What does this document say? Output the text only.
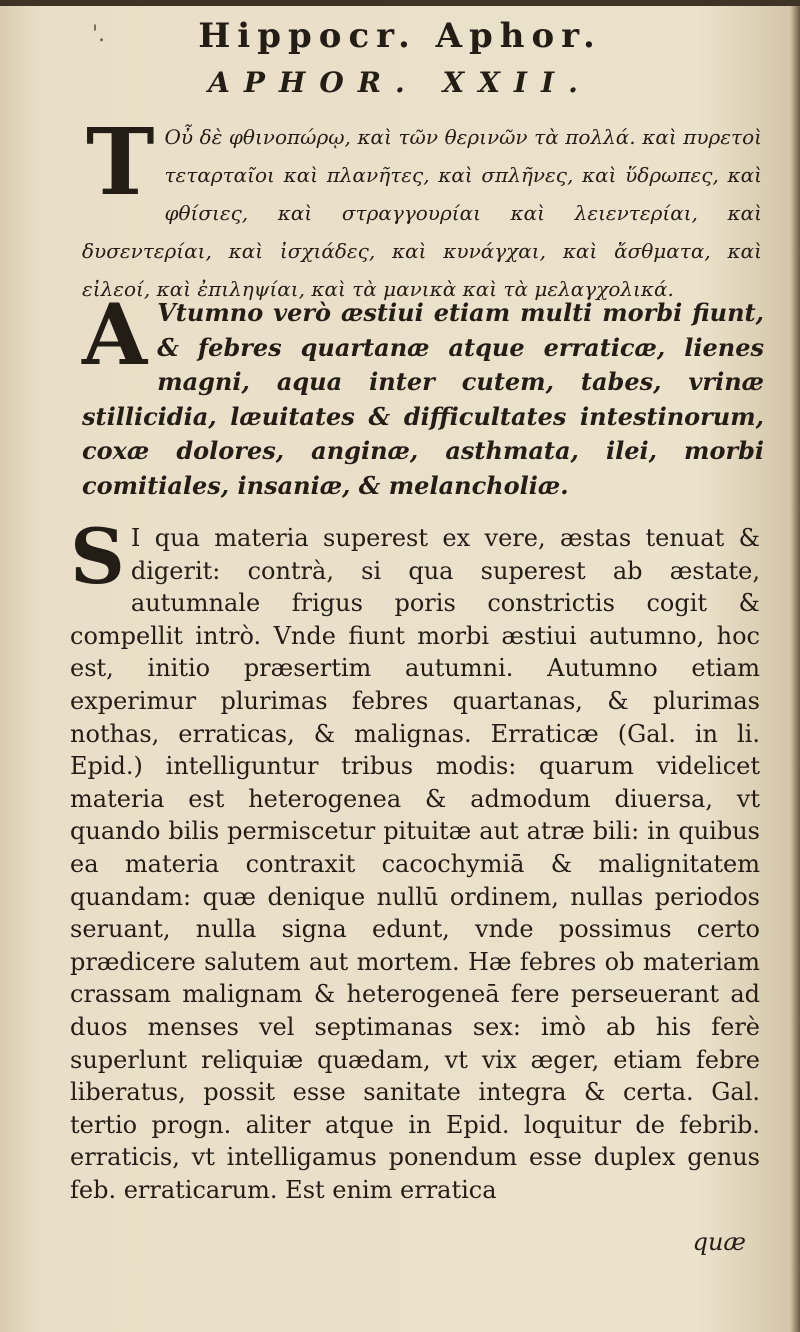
'.	Hippocr. Aphor.
APHOR. XXII.

T Οὖ δὲ φθινοπώρῳ, καὶ τῶν θερινῶν τὰ πολλά. καὶ πυρετοὶ τεταρταῖοι καὶ πλανῆτες, καὶ σπλῆνες, καὶ ὕδρωπες, καὶ φθίσιες, καὶ στραγγουρίαι καὶ λειεντερίαι, καὶ δυσεντερίαι, καὶ ἰσχιάδες, καὶ κυνάγχαι, καὶ ἄσθματα, καὶ εἰλεοί, καὶ ἐπιληψίαι, καὶ τὰ μανικὰ καὶ τὰ μελαγχολικά.

A Vtumno verò æstiui etiam multi morbi fiunt, & febres quartanæ atque erraticæ, lienes magni, aqua inter cutem, tabes, vrinæ stillicidia, læuitates & difficultates intestinorum, coxæ dolores, anginæ, asthmata, ilei, morbi comitiales, insaniæ, & melancholiæ.

S I qua materia superest ex vere, æstas tenuat & digerit: contrà, si qua superest ab æstate, autumnale frigus poris constrictis cogit & compellit intrò. Vnde fiunt morbi æstiui autumno, hoc est, initio præsertim autumni. Autumno etiam experimur plurimas febres quartanas, & plurimas nothas, erraticas, & malignas. Erraticæ (Gal. in li. Epid.) intelliguntur tribus modis: quarum videlicet materia est heterogenea & admodum diuersa, vt quando bilis permiscetur pituitæ aut atræ bili: in quibus ea materia contraxit cacochymiā & malignitatem quandam: quæ denique nullū ordinem, nullas periodos seruant, nulla signa edunt, vnde possimus certo prædicere salutem aut mortem. Hæ febres ob materiam crassam malignam & heterogeneā fere perseuerant ad duos menses vel septimanas sex: imò ab his ferè superlunt reliquiæ quædam, vt vix æger, etiam febre liberatus, possit esse sanitate integra & certa. Gal. tertio progn. aliter atque in Epid. loquitur de febrib. erraticis, vt intelligamus ponendum esse duplex genus feb. erraticarum. Est enim erratica

quæ
